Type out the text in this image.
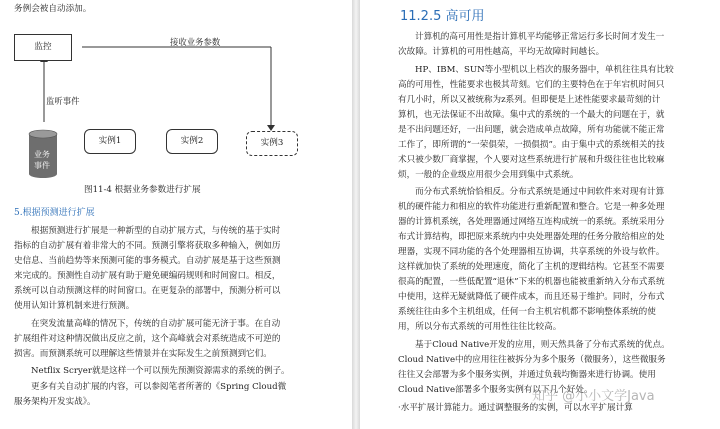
务例会被自动添加。
监控	接收业务参数
监听事件
业务
事件
实例1	实例2	实例3
图11-4 根据业务参数进行扩展
5.根据预测进行扩展
根据预测进行扩展是一种新型的自动扩展方式，与传统的基于实时
指标的自动扩展有着非常大的不同。预测引擎将获取多种输入，例如历
史信息、当前趋势等来预测可能的事务模式。自动扩展是基于这些预测
来完成的。预测性自动扩展有助于避免硬编码规则和时间窗口。相反，
系统可以自动预测这样的时间窗口。在更复杂的部署中，预测分析可以
使用认知计算机制来进行预测。
在突发流量高峰的情况下，传统的自动扩展可能无济于事。在自动
扩展组件对这种情况做出反应之前，这个高峰就会对系统造成不可逆的
损害。而预测系统可以理解这些情景并在实际发生之前预测到它们。
Netflix Scryer就是这样一个可以预先预测资源需求的系统的例子。
更多有关自动扩展的内容，可以参阅笔者所著的《Spring Cloud微
服务架构开发实战》。
11.2.5 高可用
计算机的高可用性是指计算机平均能够正常运行多长时间才发生一
次故障。计算机的可用性越高，平均无故障时间越长。
HP、IBM、SUN等小型机以上档次的服务器中，单机往往具有比较
高的可用性，性能要求也极其苛刻。它们的主要特色在于年宕机时间只
有几小时，所以又被统称为z系列。但即便是上述性能要求最苛刻的计
算机，也无法保证不出故障。集中式的系统的一个最大的问题在于，就
是不出问题还好，一出问题，就会造成单点故障，所有功能就不能正常
工作了，即所谓的“一荣俱荣，一损俱损”。由于集中式的系统相关的技
术只被少数厂商掌握，个人要对这些系统进行扩展和升级往往也比较麻
烦，一般的企业级应用很少会用到集中式系统。
而分布式系统恰恰相反。分布式系统是通过中间软件来对现有计算
机的硬件能力和相应的软件功能进行重新配置和整合。它是一种多处理
器的计算机系统，各处理器通过网络互连构成统一的系统。系统采用分
布式计算结构，即把原来系统内中央处理器处理的任务分散给相应的处
理器，实现不同功能的各个处理器相互协调，共享系统的外设与软件。
这样就加快了系统的处理速度，简化了主机的逻辑结构。它甚至不需要
很高的配置，一些低配置“退休”下来的机器也能被重新纳入分布式系统
中使用，这样无疑就降低了硬件成本，而且还易于维护。同时，分布式
系统往往由多个主机组成，任何一台主机宕机都不影响整体系统的使
用，所以分布式系统的可用性往往比较高。
基于Cloud Native开发的应用，则天然具备了分布式系统的优点。
Cloud Native中的应用往往被拆分为多个服务（微服务），这些微服务
往往又会部署为多个服务实例，并通过负载均衡器来进行协调。使用
Cloud Native部署多个服务实例有以下几个好处。
·水平扩展计算能力。通过调整服务的实例，可以水平扩展计算
知乎 @小小文学Java
